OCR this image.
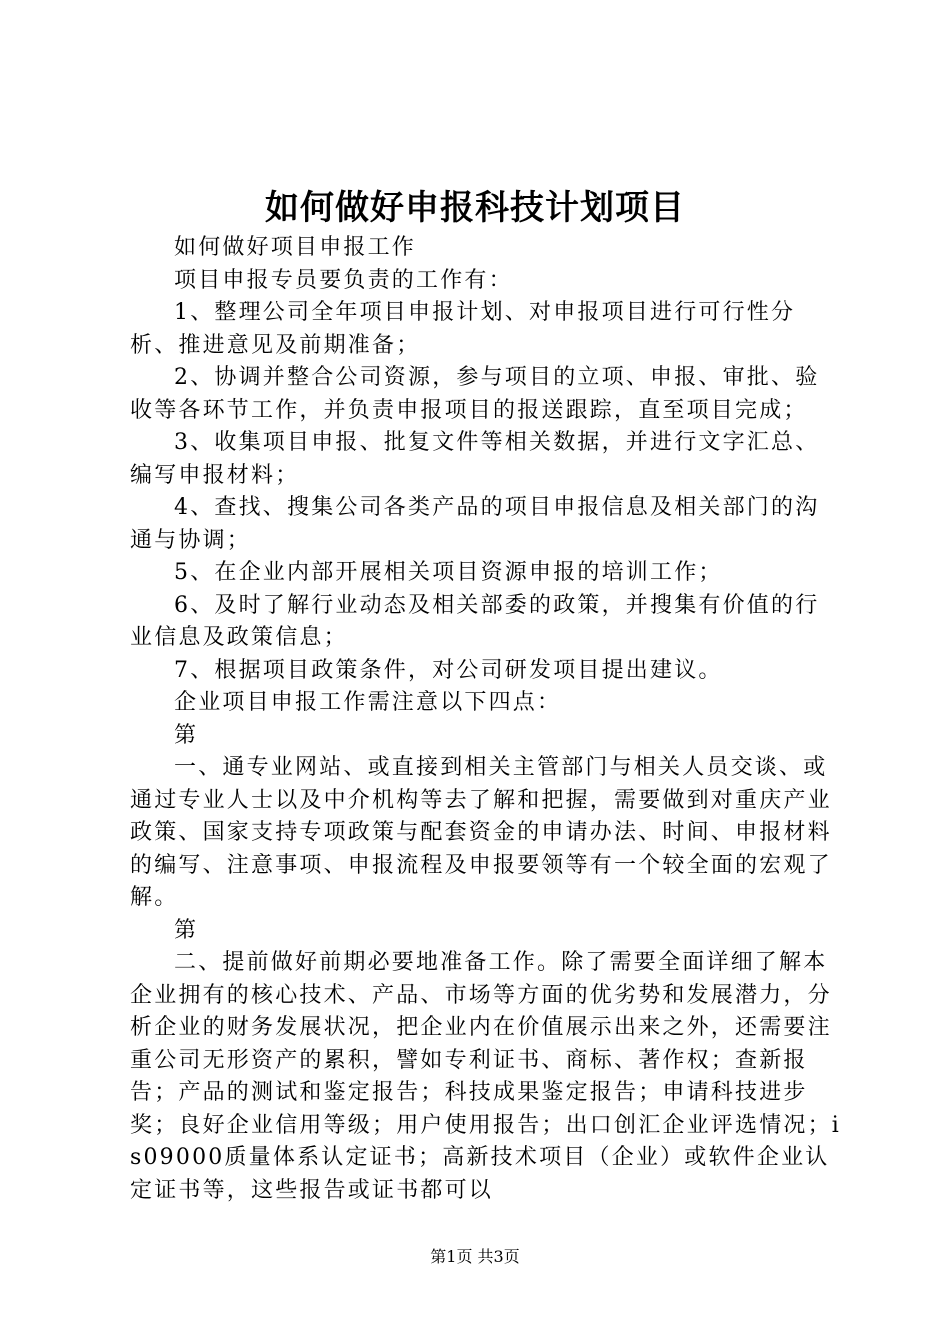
如何做好申报科技计划项目

如何做好项目申报工作

项目申报专员要负责的工作有：

1、整理公司全年项目申报计划、对申报项目进行可行性分析、推进意见及前期准备；

2、协调并整合公司资源，参与项目的立项、申报、审批、验收等各环节工作，并负责申报项目的报送跟踪，直至项目完成；

3、收集项目申报、批复文件等相关数据，并进行文字汇总、编写申报材料；

4、查找、搜集公司各类产品的项目申报信息及相关部门的沟通与协调；

5、在企业内部开展相关项目资源申报的培训工作；

6、及时了解行业动态及相关部委的政策，并搜集有价值的行业信息及政策信息；

7、根据项目政策条件，对公司研发项目提出建议。

企业项目申报工作需注意以下四点：

第

一、通专业网站、或直接到相关主管部门与相关人员交谈、或通过专业人士以及中介机构等去了解和把握，需要做到对重庆产业政策、国家支持专项政策与配套资金的申请办法、时间、申报材料的编写、注意事项、申报流程及申报要领等有一个较全面的宏观了解。

第

二、提前做好前期必要地准备工作。除了需要全面详细了解本企业拥有的核心技术、产品、市场等方面的优劣势和发展潜力，分析企业的财务发展状况，把企业内在价值展示出来之外，还需要注重公司无形资产的累积，譬如专利证书、商标、著作权；查新报告；产品的测试和鉴定报告；科技成果鉴定报告；申请科技进步奖；良好企业信用等级；用户使用报告；出口创汇企业评选情况；is09000质量体系认定证书；高新技术项目（企业）或软件企业认定证书等，这些报告或证书都可以

第1页 共3页
